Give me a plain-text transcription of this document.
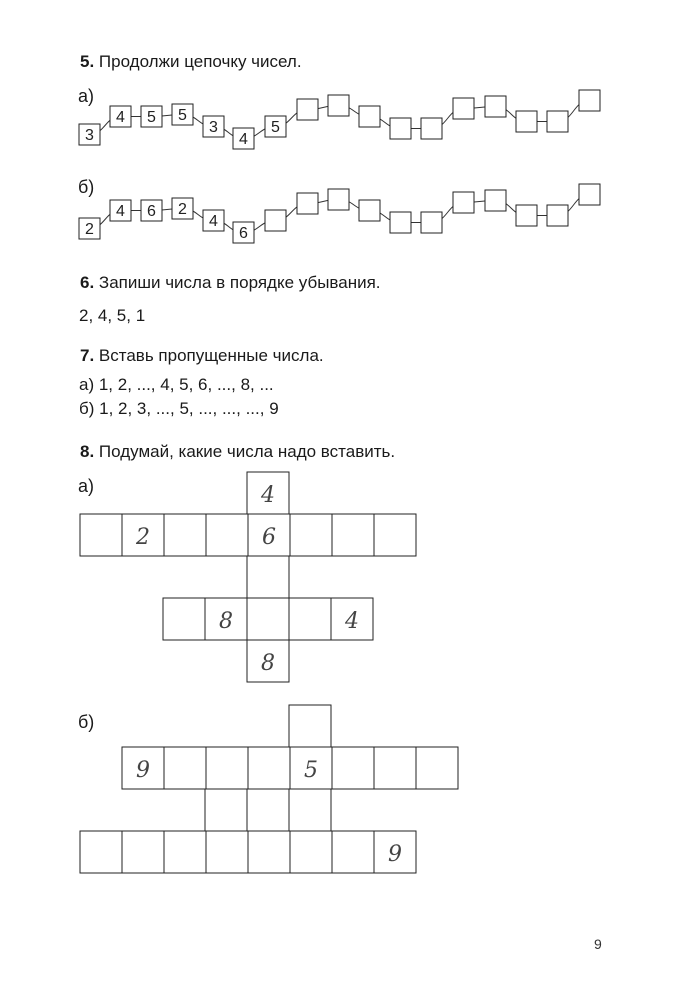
5. Продолжи цепочку чисел.
а)
б)
6. Запиши числа в порядке убывания.
2, 4, 5, 1
7. Вставь пропущенные числа.
а) 1, 2, ..., 4, 5, 6, ..., 8, ...
б) 1, 2, 3, ..., 5, ..., ..., ..., 9
8. Подумай, какие числа надо вставить.
а)
б)
3
4 5 5
3
4
5
2
4 6 2
4
6
4
2	6
8	4
8
9	5
9
9
